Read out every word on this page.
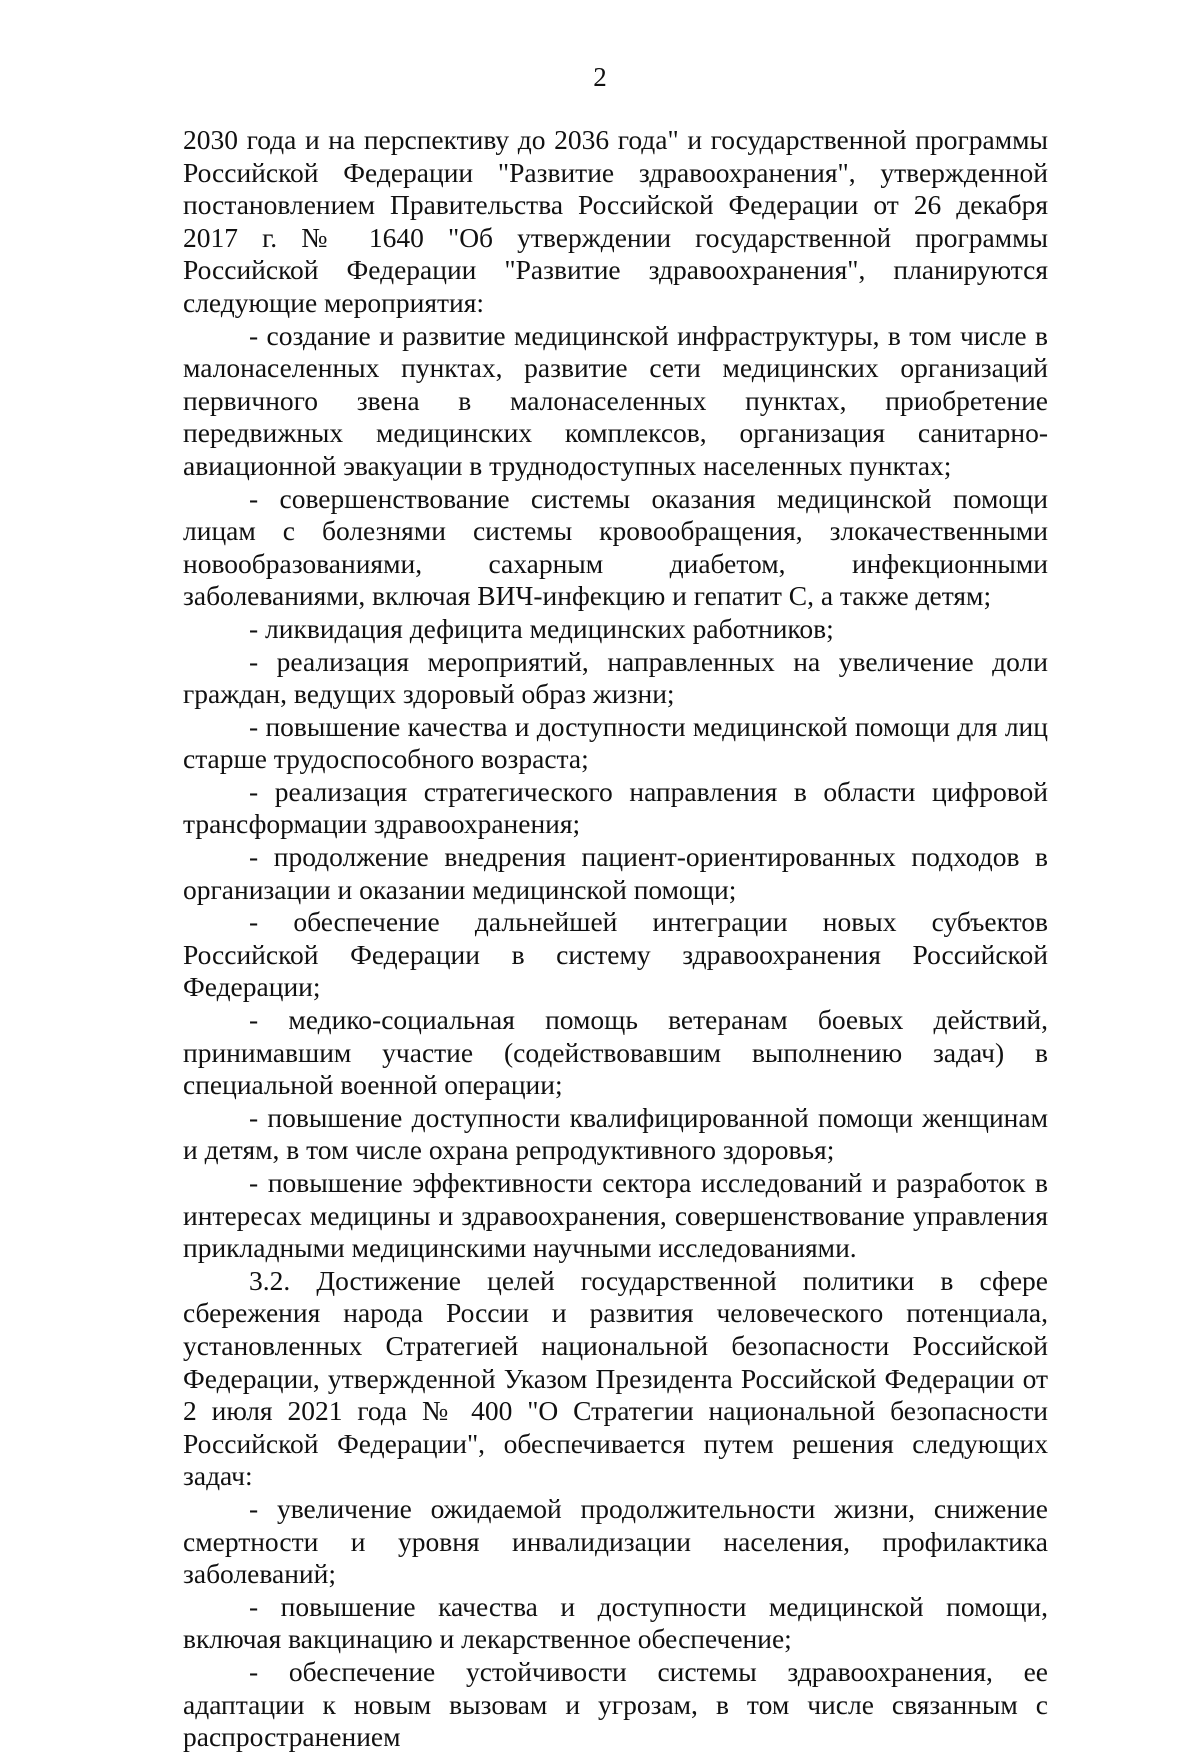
2

2030 года и на перспективу до 2036 года" и государственной программы Российской Федерации "Развитие здравоохранения", утвержденной постановлением Правительства Российской Федерации от 26 декабря 2017 г. № 1640 "Об утверждении государственной программы Российской Федерации "Развитие здравоохранения", планируются следующие мероприятия:

- создание и развитие медицинской инфраструктуры, в том числе в малонаселенных пунктах, развитие сети медицинских организаций первичного звена в малонаселенных пунктах, приобретение передвижных медицинских комплексов, организация санитарно-авиационной эвакуации в труднодоступных населенных пунктах;

- совершенствование системы оказания медицинской помощи лицам с болезнями системы кровообращения, злокачественными новообразованиями, сахарным диабетом, инфекционными заболеваниями, включая ВИЧ-инфекцию и гепатит С, а также детям;

- ликвидация дефицита медицинских работников;

- реализация мероприятий, направленных на увеличение доли граждан, ведущих здоровый образ жизни;

- повышение качества и доступности медицинской помощи для лиц старше трудоспособного возраста;

- реализация стратегического направления в области цифровой трансформации здравоохранения;

- продолжение внедрения пациент-ориентированных подходов в организации и оказании медицинской помощи;

- обеспечение дальнейшей интеграции новых субъектов Российской Федерации в систему здравоохранения Российской Федерации;

- медико-социальная помощь ветеранам боевых действий, принимавшим участие (содействовавшим выполнению задач) в специальной военной операции;

- повышение доступности квалифицированной помощи женщинам и детям, в том числе охрана репродуктивного здоровья;

- повышение эффективности сектора исследований и разработок в интересах медицины и здравоохранения, совершенствование управления прикладными медицинскими научными исследованиями.

3.2. Достижение целей государственной политики в сфере сбережения народа России и развития человеческого потенциала, установленных Стратегией национальной безопасности Российской Федерации, утвержденной Указом Президента Российской Федерации от 2 июля 2021 года № 400 "О Стратегии национальной безопасности Российской Федерации", обеспечивается путем решения следующих задач:

- увеличение ожидаемой продолжительности жизни, снижение смертности и уровня инвалидизации населения, профилактика заболеваний;

- повышение качества и доступности медицинской помощи, включая вакцинацию и лекарственное обеспечение;

- обеспечение устойчивости системы здравоохранения, ее адаптации к новым вызовам и угрозам, в том числе связанным с распространением
